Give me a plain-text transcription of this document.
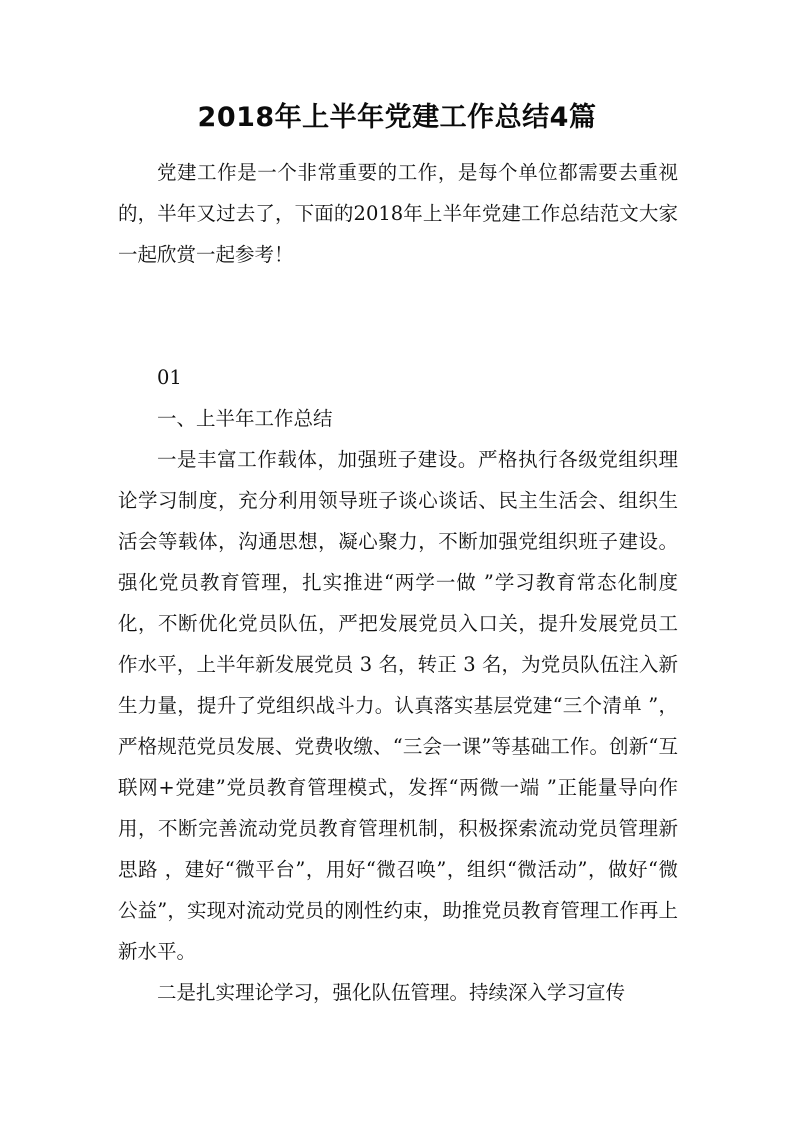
2018年上半年党建工作总结4篇

党建工作是一个非常重要的工作，是每个单位都需要去重视的，半年又过去了，下面的2018年上半年党建工作总结范文大家一起欣赏一起参考！

01

一、上半年工作总结

一是丰富工作载体，加强班子建设。严格执行各级党组织理论学习制度，充分利用领导班子谈心谈话、民主生活会、组织生活会等载体，沟通思想，凝心聚力，不断加强党组织班子建设。强化党员教育管理，扎实推进“两学一做 ”学习教育常态化制度化，不断优化党员队伍，严把发展党员入口关，提升发展党员工作水平，上半年新发展党员 3 名，转正 3 名，为党员队伍注入新生力量，提升了党组织战斗力。认真落实基层党建“三个清单 ”，严格规范党员发展、党费收缴、“三会一课”等基础工作。创新“互联网+党建”党员教育管理模式，发挥“两微一端 ”正能量导向作用，不断完善流动党员教育管理机制，积极探索流动党员管理新思路 ，建好“微平台”，用好“微召唤”，组织“微活动”，做好“微公益”，实现对流动党员的刚性约束，助推党员教育管理工作再上新水平。

二是扎实理论学习，强化队伍管理。持续深入学习宣传
